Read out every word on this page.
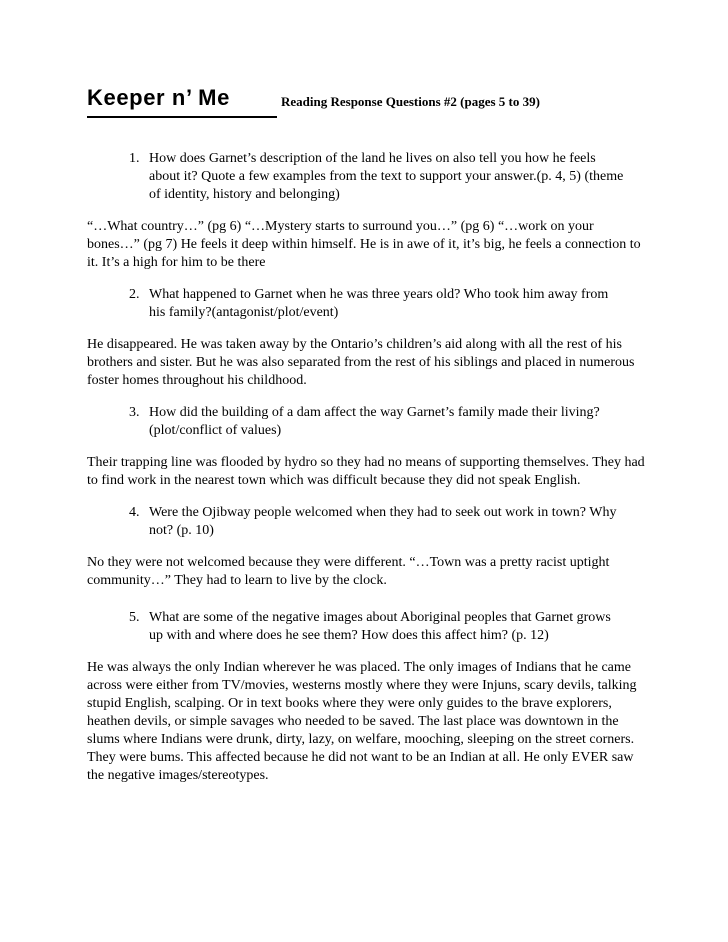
Keeper n’ Me	Reading Response Questions #2 (pages 5 to 39)
1. How does Garnet’s description of the land he lives on also tell you how he feels about it? Quote a few examples from the text to support your answer.(p. 4, 5) (theme of identity, history and belonging)

“…What country…” (pg 6) “…Mystery starts to surround you…” (pg 6) “…work on your bones…” (pg 7) He feels it deep within himself. He is in awe of it, it’s big, he feels a connection to it. It’s a high for him to be there

2. What happened to Garnet when he was three years old? Who took him away from his family?(antagonist/plot/event)

He disappeared. He was taken away by the Ontario’s children’s aid along with all the rest of his brothers and sister. But he was also separated from the rest of his siblings and placed in numerous foster homes throughout his childhood.

3. How did the building of a dam affect the way Garnet’s family made their living? (plot/conflict of values)

Their trapping line was flooded by hydro so they had no means of supporting themselves. They had to find work in the nearest town which was difficult because they did not speak English.

4. Were the Ojibway people welcomed when they had to seek out work in town? Why not? (p. 10)

No they were not welcomed because they were different. “…Town was a pretty racist uptight community…” They had to learn to live by the clock.

5. What are some of the negative images about Aboriginal peoples that Garnet grows up with and where does he see them? How does this affect him? (p. 12)

He was always the only Indian wherever he was placed. The only images of Indians that he came across were either from TV/movies, westerns mostly where they were Injuns, scary devils, talking stupid English, scalping. Or in text books where they were only guides to the brave explorers, heathen devils, or simple savages who needed to be saved. The last place was downtown in the slums where Indians were drunk, dirty, lazy, on welfare, mooching, sleeping on the street corners. They were bums. This affected because he did not want to be an Indian at all. He only EVER saw the negative images/stereotypes.
